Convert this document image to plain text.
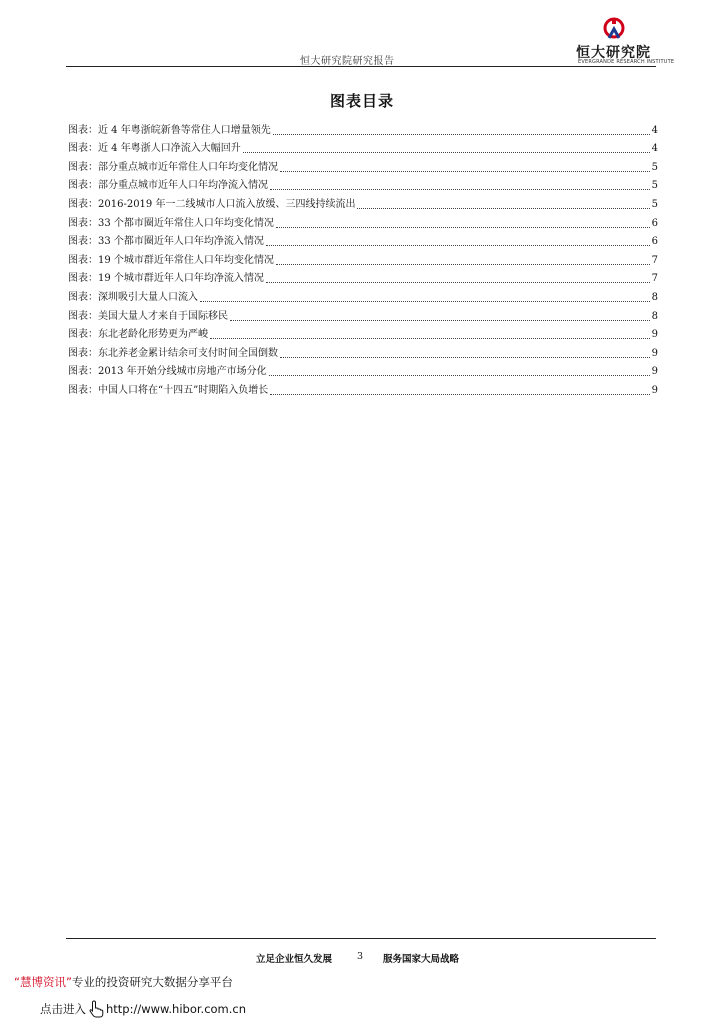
恒大研究院研究报告
恒大研究院
EVERGRANDE RESEARCH INSTITUTE
图表目录
图表：近 4 年粤浙皖新鲁等常住人口增量领先	4
图表：近 4 年粤浙人口净流入大幅回升	4
图表：部分重点城市近年常住人口年均变化情况	5
图表：部分重点城市近年人口年均净流入情况	5
图表：2016-2019 年一二线城市人口流入放缓、三四线持续流出	5
图表：33 个都市圈近年常住人口年均变化情况	6
图表：33 个都市圈近年人口年均净流入情况	6
图表：19 个城市群近年常住人口年均变化情况	7
图表：19 个城市群近年人口年均净流入情况	7
图表：深圳吸引大量人口流入	8
图表：美国大量人才来自于国际移民	8
图表：东北老龄化形势更为严峻	9
图表：东北养老金累计结余可支付时间全国倒数	9
图表：2013 年开始分线城市房地产市场分化	9
图表：中国人口将在“十四五”时期陷入负增长	9
立足企业恒久发展	3 服务国家大局战略
“慧博资讯”专业的投资研究大数据分享平台
点击进入 http://www.hibor.com.cn
